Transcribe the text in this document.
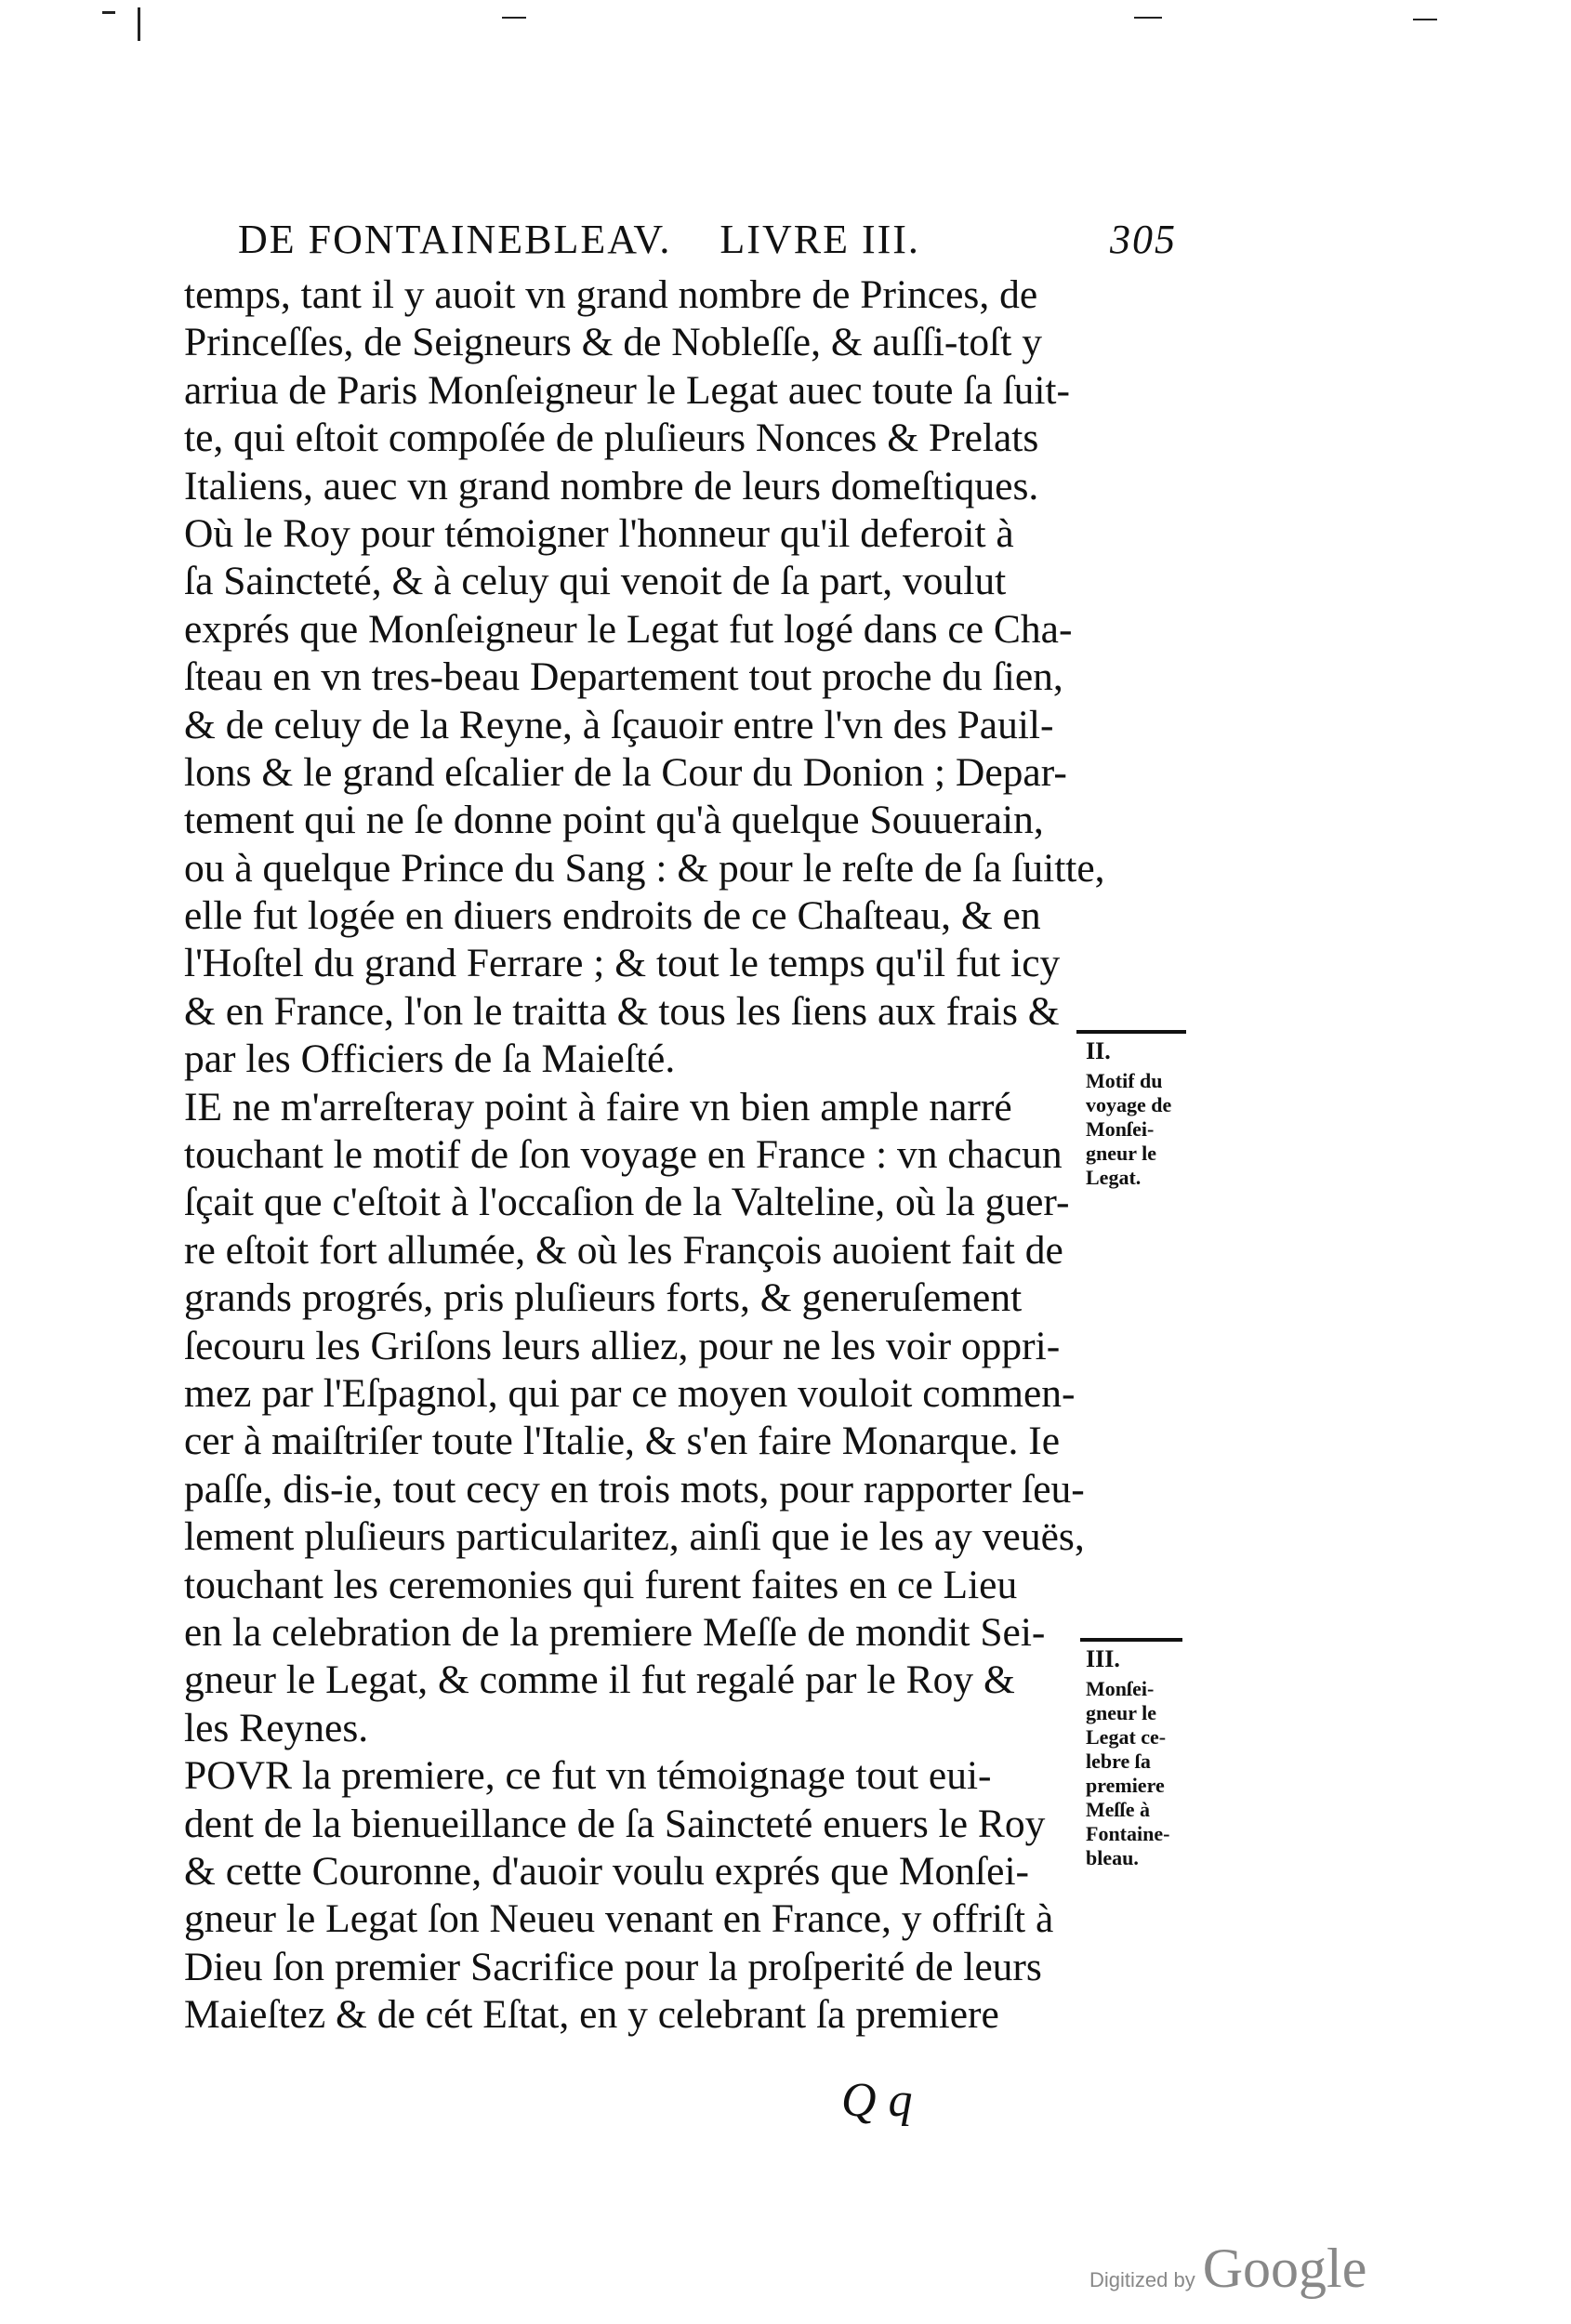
DE FONTAINEBLEAV. LIVRE III.	305
temps, tant il y auoit vn grand nombre de Princes, de
Princeſſes, de Seigneurs & de Nobleſſe, & auſſi-toſt y
arriua de Paris Monſeigneur le Legat auec toute ſa ſuit-
te, qui eſtoit compoſée de pluſieurs Nonces & Prelats
Italiens, auec vn grand nombre de leurs domeſtiques.
Où le Roy pour témoigner l'honneur qu'il deferoit à
ſa Saincteté, & à celuy qui venoit de ſa part, voulut
exprés que Monſeigneur le Legat fut logé dans ce Cha-
ſteau en vn tres-beau Departement tout proche du ſien,
& de celuy de la Reyne, à ſçauoir entre l'vn des Pauil-
lons & le grand eſcalier de la Cour du Donion ; Depar-
tement qui ne ſe donne point qu'à quelque Souuerain,
ou à quelque Prince du Sang : & pour le reſte de ſa ſuitte,
elle fut logée en diuers endroits de ce Chaſteau, & en
l'Hoſtel du grand Ferrare ; & tout le temps qu'il fut icy
& en France, l'on le traitta & tous les ſiens aux frais &
par les Officiers de ſa Maieſté.
IE ne m'arreſteray point à faire vn bien ample narré
touchant le motif de ſon voyage en France : vn chacun
ſçait que c'eſtoit à l'occaſion de la Valteline, où la guer-
re eſtoit fort allumée, & où les François auoient fait de
grands progrés, pris pluſieurs forts, & generuſement
ſecouru les Griſons leurs alliez, pour ne les voir oppri-
mez par l'Eſpagnol, qui par ce moyen vouloit commen-
cer à maiſtriſer toute l'Italie, & s'en faire Monarque. Ie
paſſe, dis-ie, tout cecy en trois mots, pour rapporter ſeu-
lement pluſieurs particularitez, ainſi que ie les ay veuës,
touchant les ceremonies qui furent faites en ce Lieu
en la celebration de la premiere Meſſe de mondit Sei-
gneur le Legat, & comme il fut regalé par le Roy &
les Reynes.
POVR la premiere, ce fut vn témoignage tout eui-
dent de la bienueillance de ſa Saincteté enuers le Roy
& cette Couronne, d'auoir voulu exprés que Monſei-
gneur le Legat ſon Neueu venant en France, y offriſt à
Dieu ſon premier Sacrifice pour la proſperité de leurs
Maieſtez & de cét Eſtat, en y celebrant ſa premiere
II.
Motif du voyage de Monſei-gneur le Legat.
III.
Monſei-gneur le Legat ce-lebre ſa premiere Meſſe à Fontaine-bleau.
Q q
Digitized by Google
